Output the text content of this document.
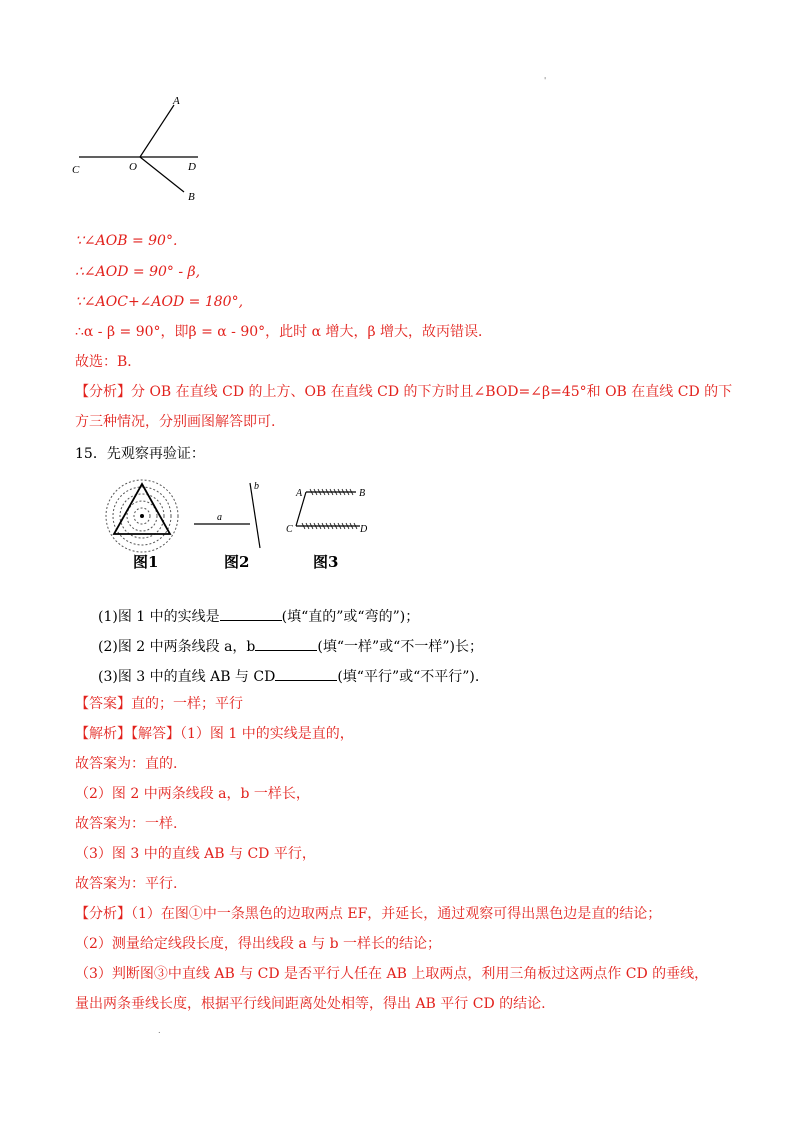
'
.
A
C	O	D
B
∵∠AOB = 90°.
∴∠AOD = 90° - β,
∵∠AOC+∠AOD = 180°,
∴α - β = 90°，即β = α - 90°，此时 α 增大，β 增大，故丙错误．
故选：B．
【分析】分 OB 在直线 CD 的上方、OB 在直线 CD 的下方时且∠BOD=∠β=45°和 OB 在直线 CD 的下
方三种情况，分别画图解答即可.
15．先观察再验证：
图1
a
b
图2
A	B
C	D
图3
(1)图 1 中的实线是	(填“直的”或“弯的”)；
(2)图 2 中两条线段 a，b	(填“一样”或“不一样”)长；
(3)图 3 中的直线 AB 与 CD	(填“平行”或“不平行”).
【答案】直的；一样；平行
【解析】【解答】（1）图 1 中的实线是直的，
故答案为：直的.
（2）图 2 中两条线段 a，b 一样长，
故答案为：一样.
（3）图 3 中的直线 AB 与 CD 平行，
故答案为：平行.
【分析】（1）在图①中一条黑色的边取两点 EF，并延长，通过观察可得出黑色边是直的结论；
（2）测量给定线段长度，得出线段 a 与 b 一样长的结论；
（3）判断图③中直线 AB 与 CD 是否平行人任在 AB 上取两点，利用三角板过这两点作 CD 的垂线，
量出两条垂线长度，根据平行线间距离处处相等，得出 AB 平行 CD 的结论.
